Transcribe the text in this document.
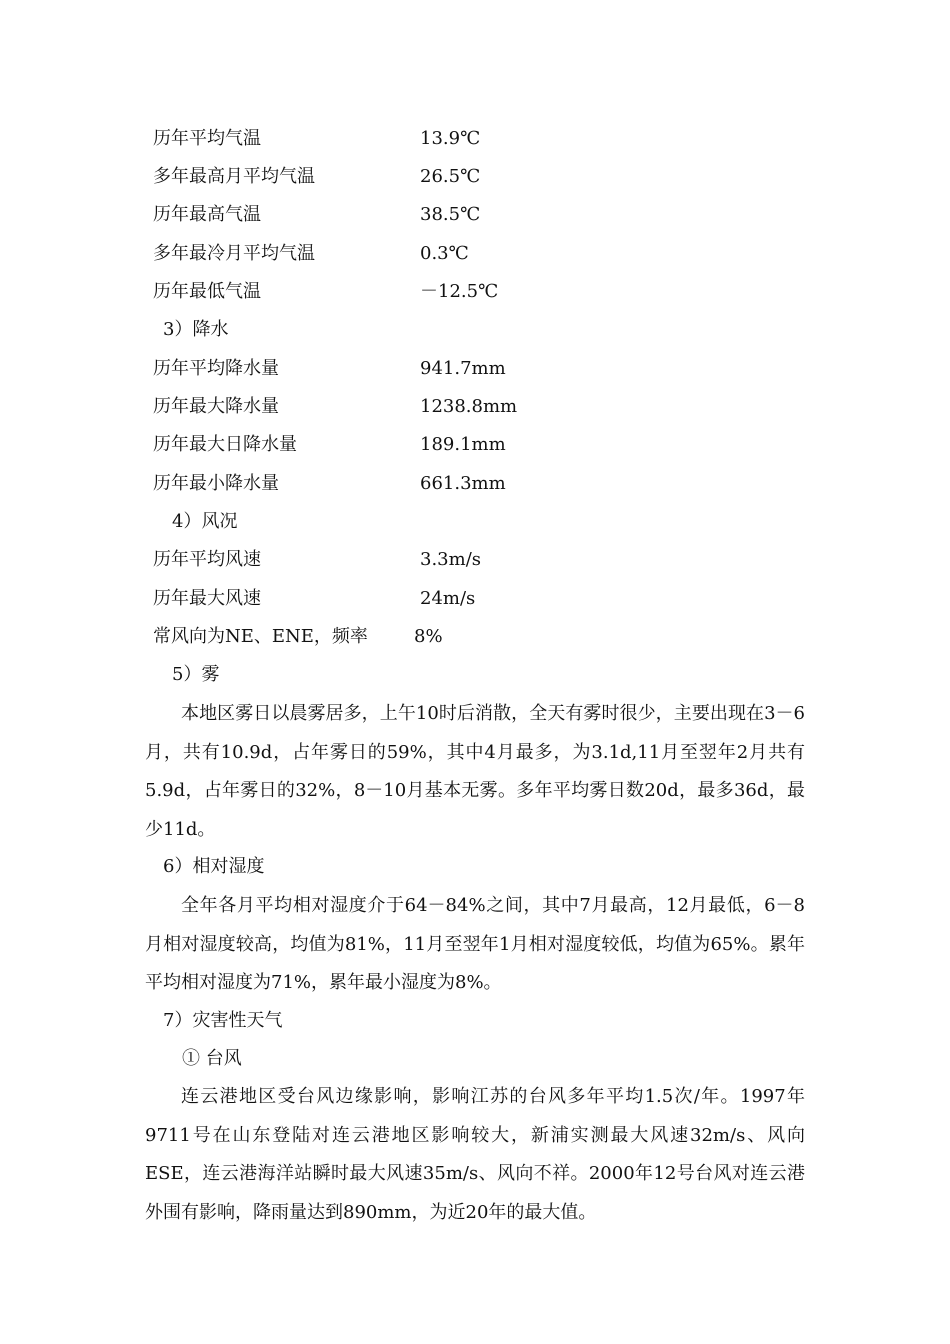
历年平均气温	13.9℃
多年最高月平均气温	26.5℃
历年最高气温	38.5℃
多年最冷月平均气温	0.3℃
历年最低气温	－12.5℃
3）降水
历年平均降水量	941.7mm
历年最大降水量	1238.8mm
历年最大日降水量	189.1mm
历年最小降水量	661.3mm
4）风况
历年平均风速	3.3m/s
历年最大风速	24m/s
常风向为NE、ENE，频率	8%
5）雾
本地区雾日以晨雾居多，上午10时后消散，全天有雾时很少，主要出现在3－6月，共有10.9d，占年雾日的59%，其中4月最多，为3.1d,11月至翌年2月共有5.9d，占年雾日的32%，8－10月基本无雾。多年平均雾日数20d，最多36d，最少11d。
6）相对湿度
全年各月平均相对湿度介于64－84%之间，其中7月最高，12月最低，6－8月相对湿度较高，均值为81%，11月至翌年1月相对湿度较低，均值为65%。累年平均相对湿度为71%，累年最小湿度为8%。
7）灾害性天气
① 台风
连云港地区受台风边缘影响，影响江苏的台风多年平均1.5次/年。1997年9711号在山东登陆对连云港地区影响较大，新浦实测最大风速32m/s、风向ESE，连云港海洋站瞬时最大风速35m/s、风向不祥。2000年12号台风对连云港外围有影响，降雨量达到890mm，为近20年的最大值。
